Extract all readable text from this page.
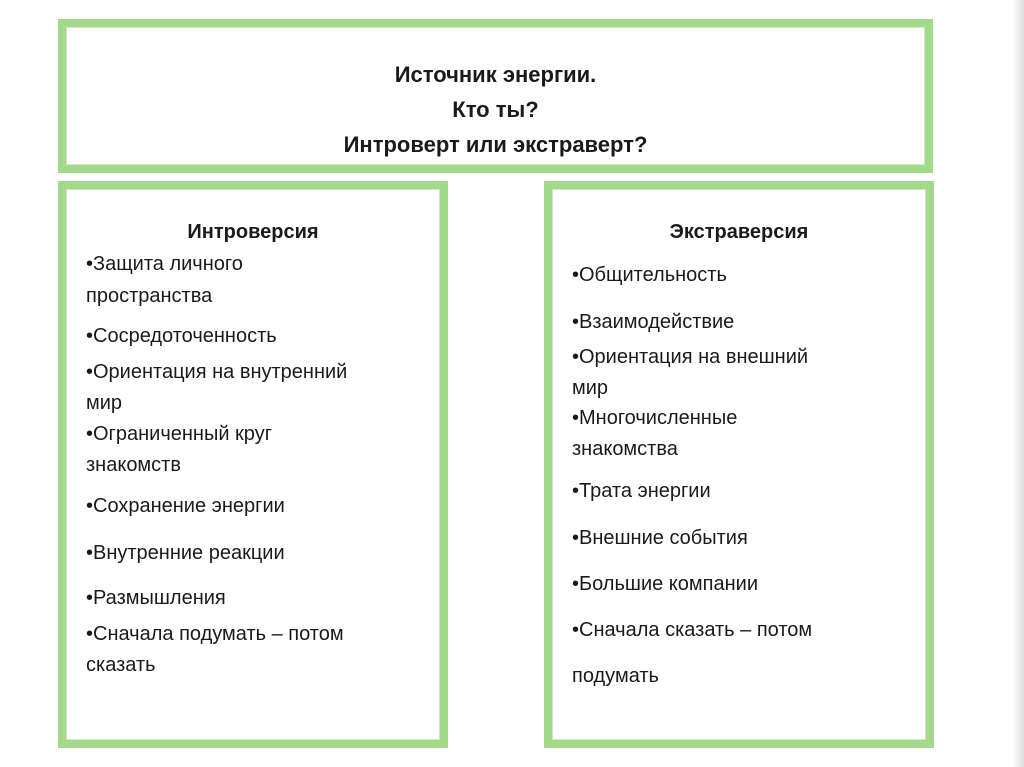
Источник энергии.
Кто ты?
Интроверт или экстраверт?
Интроверсия
•Защита личного
пространства
•Сосредоточенность
•Ориентация на внутренний
мир
•Ограниченный круг
знакомств
•Сохранение энергии
•Внутренние реакции
•Размышления
•Сначала подумать – потом
сказать
Экстраверсия
•Общительность
•Взаимодействие
•Ориентация на внешний
мир
•Многочисленные
знакомства
•Трата энергии
•Внешние события
•Большие компании
•Сначала сказать – потом
подумать
